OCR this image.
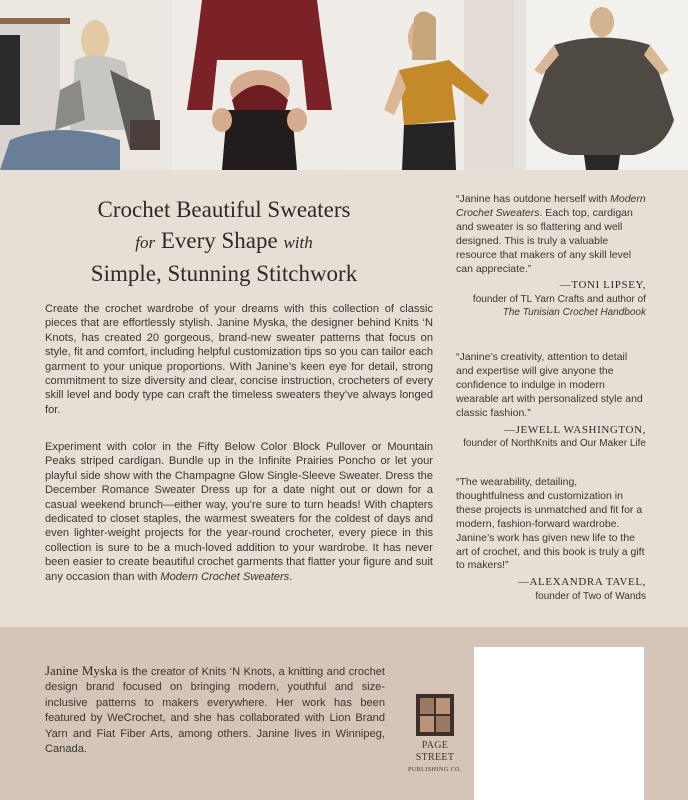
Crochet Beautiful Sweaters
for Every Shape with
Simple, Stunning Stitchwork

Create the crochet wardrobe of your dreams with this collection of classic pieces that are effortlessly stylish. Janine Myska, the designer behind Knits ‘N Knots, has created 20 gorgeous, brand-new sweater patterns that focus on style, fit and comfort, including helpful customization tips so you can tailor each garment to your unique proportions. With Janine’s keen eye for detail, strong commitment to size diversity and clear, concise instruction, crocheters of every skill level and body type can craft the timeless sweaters they’ve always longed for.

Experiment with color in the Fifty Below Color Block Pullover or Mountain Peaks striped cardigan. Bundle up in the Infinite Prairies Poncho or let your playful side show with the Champagne Glow Single-Sleeve Sweater. Dress the December Romance Sweater Dress up for a date night out or down for a casual weekend brunch—either way, you’re sure to turn heads! With chapters dedicated to closet staples, the warmest sweaters for the coldest of days and even lighter-weight projects for the year-round crocheter, every piece in this collection is sure to be a much-loved addition to your wardrobe. It has never been easier to create beautiful crochet garments that flatter your figure and suit any occasion than with Modern Crochet Sweaters.

“Janine has outdone herself with Modern Crochet Sweaters. Each top, cardigan and sweater is so flattering and well designed. This is truly a valuable resource that makers of any skill level can appreciate.”

—TONI LIPSEY,
founder of TL Yarn Crafts and author of
The Tunisian Crochet Handbook

“Janine’s creativity, attention to detail and expertise will give anyone the confidence to indulge in modern wearable art with personalized style and classic fashion.”

—JEWELL WASHINGTON,
founder of NorthKnits and Our Maker Life

“The wearability, detailing, thoughtfulness and customization in these projects is unmatched and fit for a modern, fashion-forward wardrobe. Janine’s work has given new life to the art of crochet, and this book is truly a gift to makers!”

—ALEXANDRA TAVEL,
founder of Two of Wands

Janine Myska is the creator of Knits ‘N Knots, a knitting and crochet design brand focused on bringing modern, youthful and size-inclusive patterns to makers everywhere. Her work has been featured by WeCrochet, and she has collaborated with Lion Brand Yarn and Fiat Fiber Arts, among others. Janine lives in Winnipeg, Canada.	PAGE STREET
PUBLISHING CO.
